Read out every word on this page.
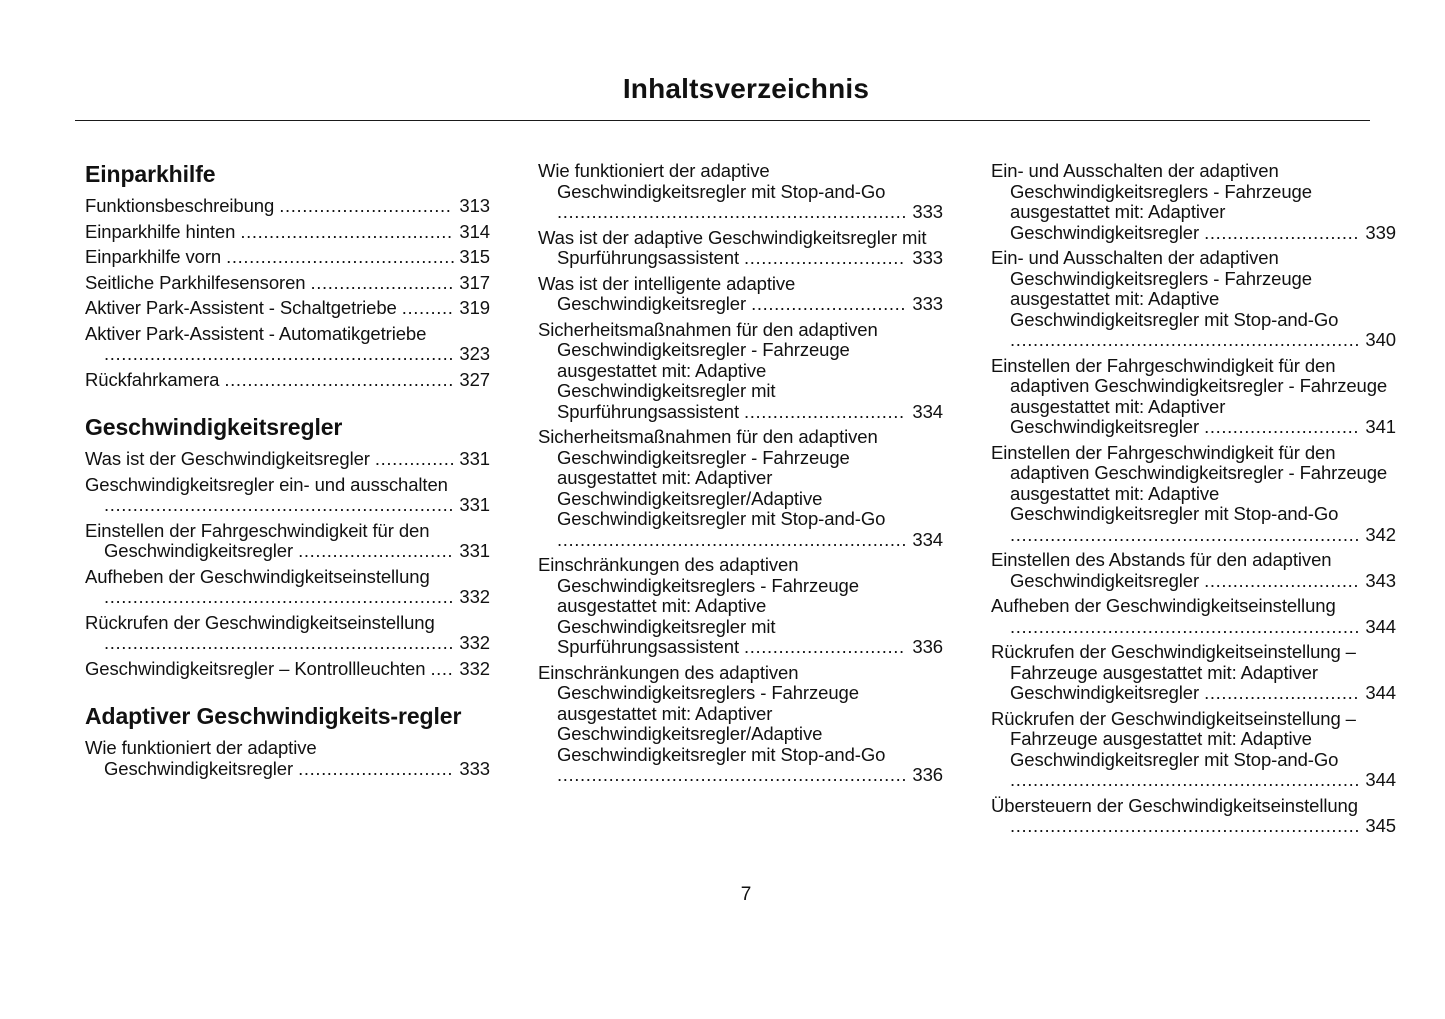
Inhaltsverzeichnis
Einparkhilfe
Funktionsbeschreibung .............................. 313
Einparkhilfe hinten ..................................... 314
Einparkhilfe vorn ........................................ 315
Seitliche Parkhilfesensoren ......................... 317
Aktiver Park-Assistent - Schaltgetriebe ......... 319
Aktiver Park-Assistent - Automatikgetriebe
............................................................. 323
Rückfahrkamera ........................................ 327
Geschwindigkeitsregler
Was ist der Geschwindigkeitsregler .............. 331
Geschwindigkeitsregler ein- und ausschalten
............................................................. 331
Einstellen der Fahrgeschwindigkeit für den Geschwindigkeitsregler ........................... 331
Aufheben der Geschwindigkeitseinstellung
............................................................. 332
Rückrufen der Geschwindigkeitseinstellung
............................................................. 332
Geschwindigkeitsregler – Kontrollleuchten .... 332
Adaptiver Geschwindigkeits-regler
Wie funktioniert der adaptive Geschwindigkeitsregler ........................... 333
Wie funktioniert der adaptive Geschwindigkeitsregler mit Stop-and-Go
............................................................. 333
Was ist der adaptive Geschwindigkeitsregler mit Spurführungsassistent ............................ 333
Was ist der intelligente adaptive Geschwindigkeitsregler ........................... 333
Sicherheitsmaßnahmen für den adaptiven Geschwindigkeitsregler - Fahrzeuge ausgestattet mit: Adaptive Geschwindigkeitsregler mit Spurführungsassistent ............................ 334
Sicherheitsmaßnahmen für den adaptiven Geschwindigkeitsregler - Fahrzeuge ausgestattet mit: Adaptiver Geschwindigkeitsregler/Adaptive Geschwindigkeitsregler mit Stop-and-Go
............................................................. 334
Einschränkungen des adaptiven Geschwindigkeitsreglers - Fahrzeuge ausgestattet mit: Adaptive Geschwindigkeitsregler mit Spurführungsassistent ............................ 336
Einschränkungen des adaptiven Geschwindigkeitsreglers - Fahrzeuge ausgestattet mit: Adaptiver Geschwindigkeitsregler/Adaptive Geschwindigkeitsregler mit Stop-and-Go
............................................................. 336
Ein- und Ausschalten der adaptiven Geschwindigkeitsreglers - Fahrzeuge ausgestattet mit: Adaptiver Geschwindigkeitsregler ........................... 339
Ein- und Ausschalten der adaptiven Geschwindigkeitsreglers - Fahrzeuge ausgestattet mit: Adaptive Geschwindigkeitsregler mit Stop-and-Go
............................................................. 340
Einstellen der Fahrgeschwindigkeit für den adaptiven Geschwindigkeitsregler - Fahrzeuge ausgestattet mit: Adaptiver Geschwindigkeitsregler ........................... 341
Einstellen der Fahrgeschwindigkeit für den adaptiven Geschwindigkeitsregler - Fahrzeuge ausgestattet mit: Adaptive Geschwindigkeitsregler mit Stop-and-Go
............................................................. 342
Einstellen des Abstands für den adaptiven Geschwindigkeitsregler ........................... 343
Aufheben der Geschwindigkeitseinstellung
............................................................. 344
Rückrufen der Geschwindigkeitseinstellung – Fahrzeuge ausgestattet mit: Adaptiver Geschwindigkeitsregler ........................... 344
Rückrufen der Geschwindigkeitseinstellung – Fahrzeuge ausgestattet mit: Adaptive Geschwindigkeitsregler mit Stop-and-Go
............................................................. 344
Übersteuern der Geschwindigkeitseinstellung
............................................................. 345
7
